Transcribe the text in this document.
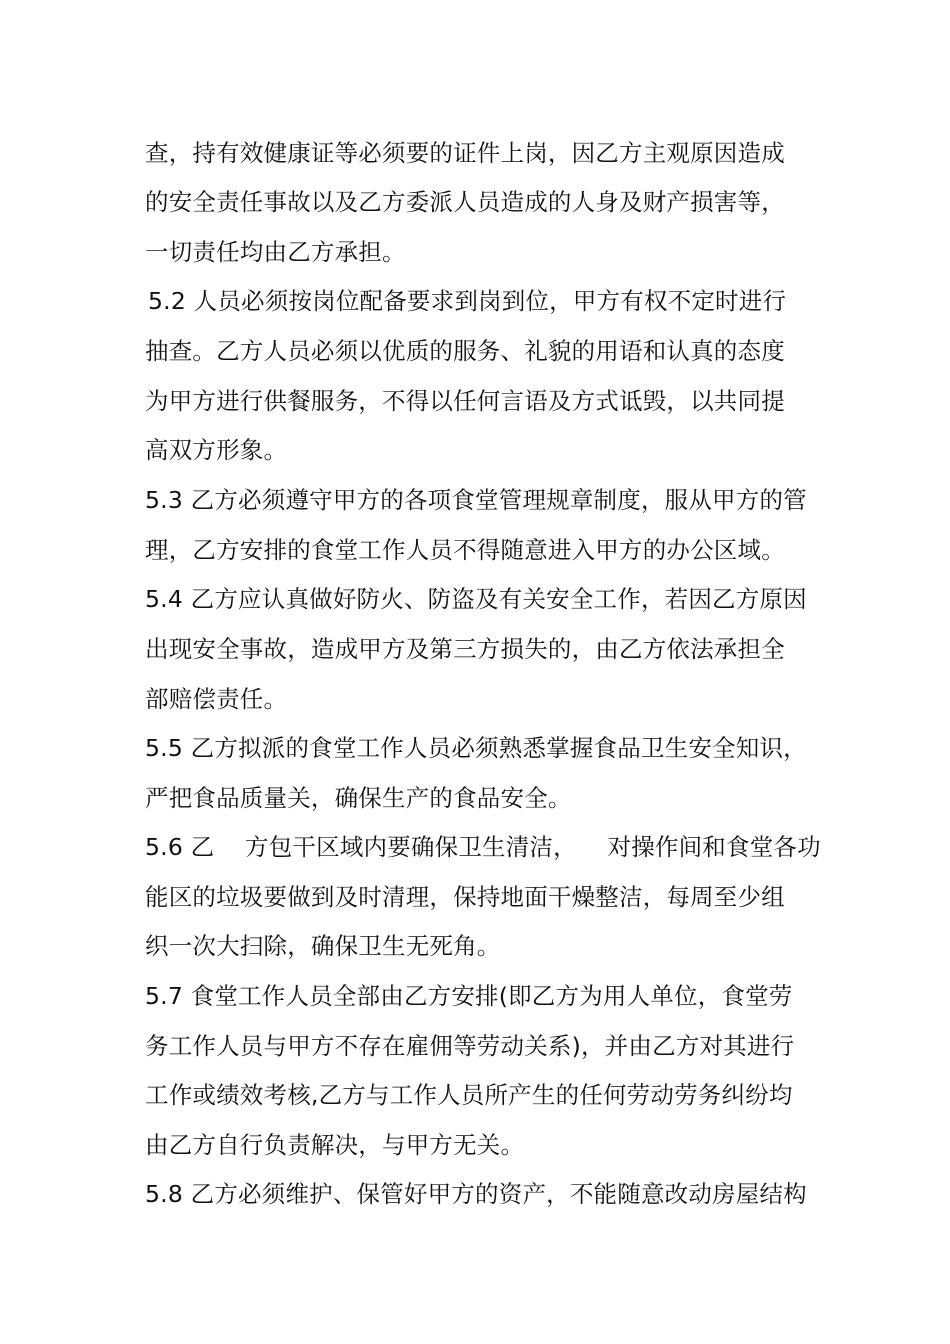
查，持有效健康证等必须要的证件上岗，因乙方主观原因造成
的安全责任事故以及乙方委派人员造成的人身及财产损害等，
一切责任均由乙方承担。
5.2 人员必须按岗位配备要求到岗到位，甲方有权不定时进行
抽查。乙方人员必须以优质的服务、礼貌的用语和认真的态度
为甲方进行供餐服务，不得以任何言语及方式诋毁，以共同提
高双方形象。
5.3 乙方必须遵守甲方的各项食堂管理规章制度，服从甲方的管
理，乙方安排的食堂工作人员不得随意进入甲方的办公区域。
5.4 乙方应认真做好防火、防盗及有关安全工作，若因乙方原因
出现安全事故，造成甲方及第三方损失的，由乙方依法承担全
部赔偿责任。
5.5 乙方拟派的食堂工作人员必须熟悉掌握食品卫生安全知识，
严把食品质量关，确保生产的食品安全。
5.6 乙    方包干区域内要确保卫生清洁，    对操作间和食堂各功
能区的垃圾要做到及时清理，保持地面干燥整洁，每周至少组
织一次大扫除，确保卫生无死角。
5.7 食堂工作人员全部由乙方安排(即乙方为用人单位，食堂劳
务工作人员与甲方不存在雇佣等劳动关系)，并由乙方对其进行
工作或绩效考核,乙方与工作人员所产生的任何劳动劳务纠纷均
由乙方自行负责解决，与甲方无关。
5.8 乙方必须维护、保管好甲方的资产，不能随意改动房屋结构
